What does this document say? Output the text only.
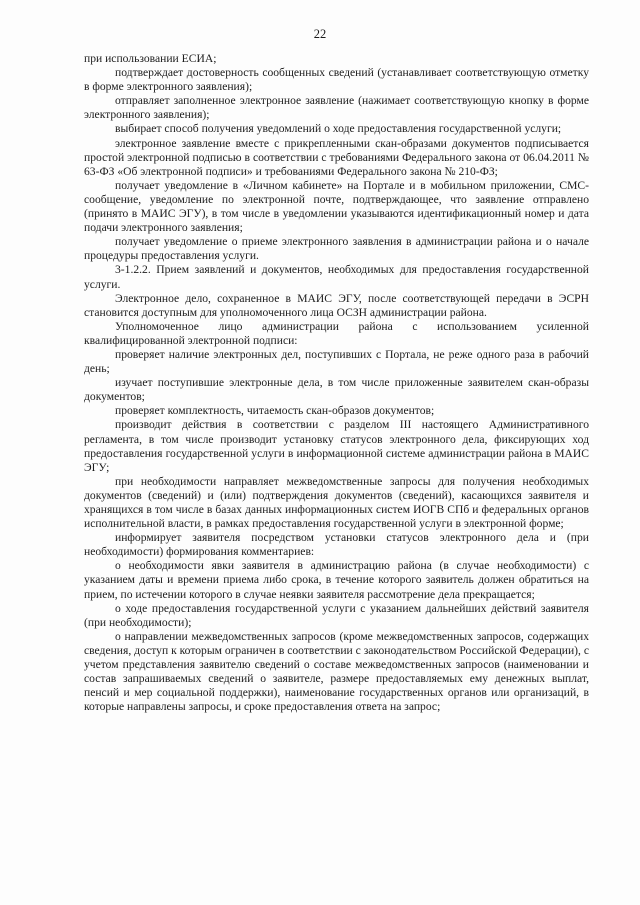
22

при использовании ЕСИА;

подтверждает достоверность сообщенных сведений (устанавливает соответствующую отметку в форме электронного заявления);

отправляет заполненное электронное заявление (нажимает соответствующую кнопку в форме электронного заявления);

выбирает способ получения уведомлений о ходе предоставления государственной услуги;

электронное заявление вместе с прикрепленными скан-образами документов подписывается простой электронной подписью в соответствии с требованиями Федерального закона от 06.04.2011 № 63-ФЗ «Об электронной подписи» и требованиями Федерального закона № 210-ФЗ;

получает уведомление в «Личном кабинете» на Портале и в мобильном приложении, СМС-сообщение, уведомление по электронной почте, подтверждающее, что заявление отправлено (принято в МАИС ЭГУ), в том числе в уведомлении указываются идентификационный номер и дата подачи электронного заявления;

получает уведомление о приеме электронного заявления в администрации района и о начале процедуры предоставления услуги.

3-1.2.2. Прием заявлений и документов, необходимых для предоставления государственной услуги.

Электронное дело, сохраненное в МАИС ЭГУ, после соответствующей передачи в ЭСРН становится доступным для уполномоченного лица ОСЗН администрации района.

Уполномоченное лицо администрации района с использованием усиленной квалифицированной электронной подписи:

проверяет наличие электронных дел, поступивших с Портала, не реже одного раза в рабочий день;

изучает поступившие электронные дела, в том числе приложенные заявителем скан-образы документов;

проверяет комплектность, читаемость скан-образов документов;

производит действия в соответствии с разделом III настоящего Административного регламента, в том числе производит установку статусов электронного дела, фиксирующих ход предоставления государственной услуги в информационной системе администрации района в МАИС ЭГУ;

при необходимости направляет межведомственные запросы для получения необходимых документов (сведений) и (или) подтверждения документов (сведений), касающихся заявителя и хранящихся в том числе в базах данных информационных систем ИОГВ СПб и федеральных органов исполнительной власти, в рамках предоставления государственной услуги в электронной форме;

информирует заявителя посредством установки статусов электронного дела и (при необходимости) формирования комментариев:

о необходимости явки заявителя в администрацию района (в случае необходимости) с указанием даты и времени приема либо срока, в течение которого заявитель должен обратиться на прием, по истечении которого в случае неявки заявителя рассмотрение дела прекращается;

о ходе предоставления государственной услуги с указанием дальнейших действий заявителя (при необходимости);

о направлении межведомственных запросов (кроме межведомственных запросов, содержащих сведения, доступ к которым ограничен в соответствии с законодательством Российской Федерации), с учетом представления заявителю сведений о составе межведомственных запросов (наименовании и состав запрашиваемых сведений о заявителе, размере предоставляемых ему денежных выплат, пенсий и мер социальной поддержки), наименование государственных органов или организаций, в которые направлены запросы, и сроке предоставления ответа на запрос;
